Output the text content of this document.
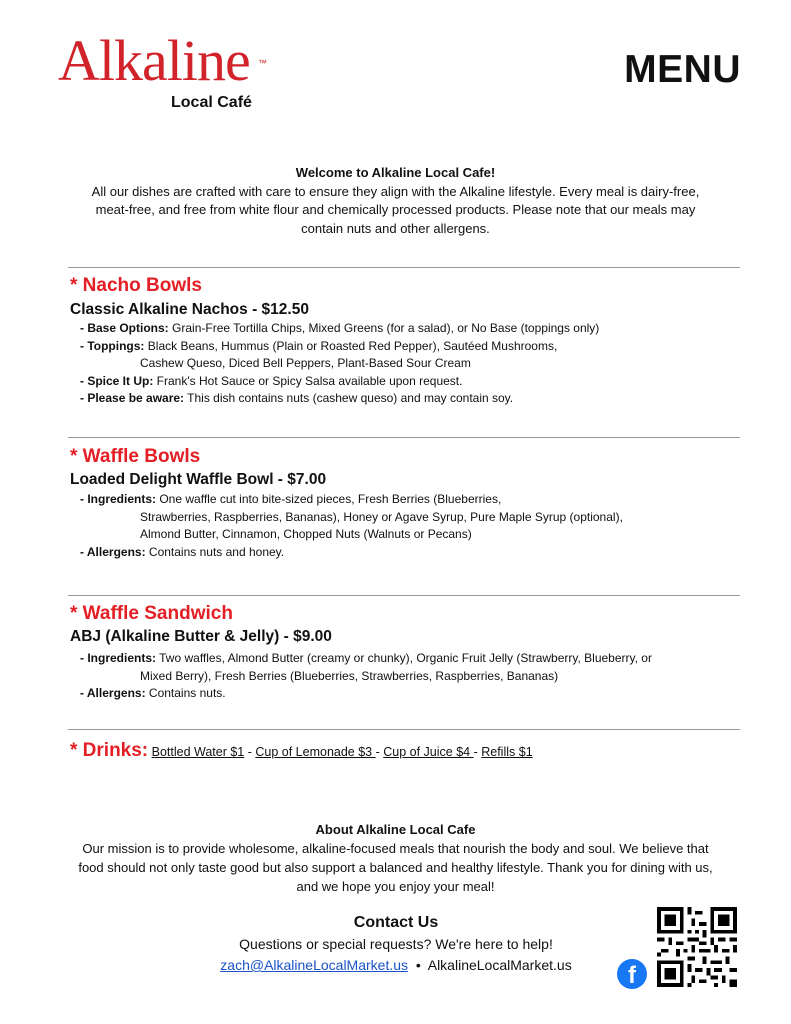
Alkaline ™
Local Café
MENU
Welcome to Alkaline Local Cafe!
All our dishes are crafted with care to ensure they align with the Alkaline lifestyle. Every meal is dairy-free,
meat-free, and free from white flour and chemically processed products. Please note that our meals may
contain nuts and other allergens.
* Nacho Bowls
Classic Alkaline Nachos - $12.50
- Base Options: Grain-Free Tortilla Chips, Mixed Greens (for a salad), or No Base (toppings only)
- Toppings: Black Beans, Hummus (Plain or Roasted Red Pepper), Sautéed Mushrooms,
Cashew Queso, Diced Bell Peppers, Plant-Based Sour Cream
- Spice It Up: Frank's Hot Sauce or Spicy Salsa available upon request.
- Please be aware: This dish contains nuts (cashew queso) and may contain soy.
* Waffle Bowls
Loaded Delight Waffle Bowl - $7.00
- Ingredients: One waffle cut into bite-sized pieces, Fresh Berries (Blueberries,
Strawberries, Raspberries, Bananas), Honey or Agave Syrup, Pure Maple Syrup (optional),
Almond Butter, Cinnamon, Chopped Nuts (Walnuts or Pecans)
- Allergens: Contains nuts and honey.
* Waffle Sandwich
ABJ (Alkaline Butter & Jelly) - $9.00
- Ingredients: Two waffles, Almond Butter (creamy or chunky), Organic Fruit Jelly (Strawberry, Blueberry, or
Mixed Berry), Fresh Berries (Blueberries, Strawberries, Raspberries, Bananas)
- Allergens: Contains nuts.
* Drinks: Bottled Water $1 - Cup of Lemonade $3 - Cup of Juice $4 - Refills $1
About Alkaline Local Cafe
Our mission is to provide wholesome, alkaline-focused meals that nourish the body and soul. We believe that
food should not only taste good but also support a balanced and healthy lifestyle. Thank you for dining with us,
and we hope you enjoy your meal!
Contact Us
Questions or special requests? We're here to help!
zach@AlkalineLocalMarket.us • AlkalineLocalMarket.us	f
